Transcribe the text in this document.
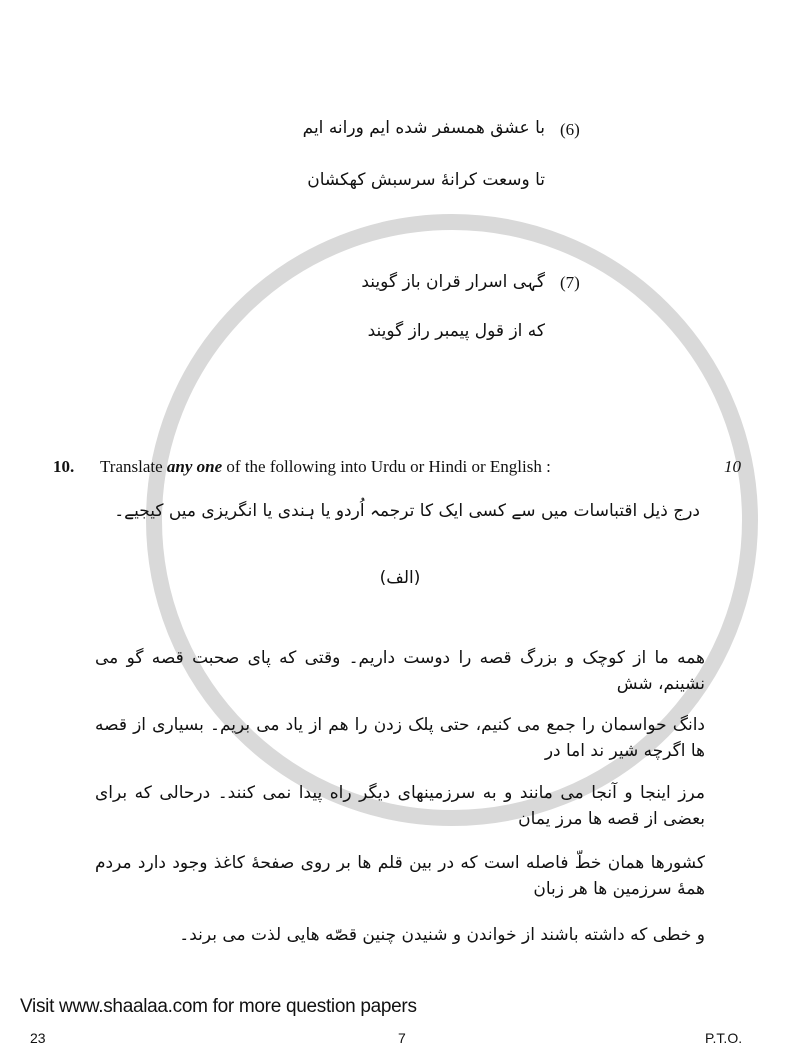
(6)
با عشق همسفر شده ایم ورانه ایم
تا وسعت کرانهٔ سرسبش کهکشان
(7)
گہی اسرار قران باز گویند
که از قول پیمبر راز گویند
10. Translate any one of the following into Urdu or Hindi or English :	10
درج ذیل اقتباسات میں سے کسی ایک کا ترجمہ اُردو یا ہندی یا انگریزی میں کیجیے۔
(الف)
همه ما از کوچک و بزرگ قصه را دوست داریم۔ وقتی که پای صحبت قصه گو می نشینم، شش
دانگ حواسمان را جمع می کنیم، حتی پلک زدن را هم از یاد می بریم۔ بسیاری از قصه ها اگرچه شیر ند اما در
مرز اینجا و آنجا می مانند و به سرزمینهای دیگر راه پیدا نمی کنند۔ درحالی که برای بعضی از قصه ها مرز یمان
کشورها همان خطّ فاصله است که در بین قلم ها بر روی صفحهٔ کاغذ وجود دارد مردم همهٔ سرزمین ها هر زبان
و خطی که داشته باشند از خواندن و شنیدن چنین قصّه هایی لذت می برند۔
Visit www.shaalaa.com for more question papers
23	7	P.T.O.
